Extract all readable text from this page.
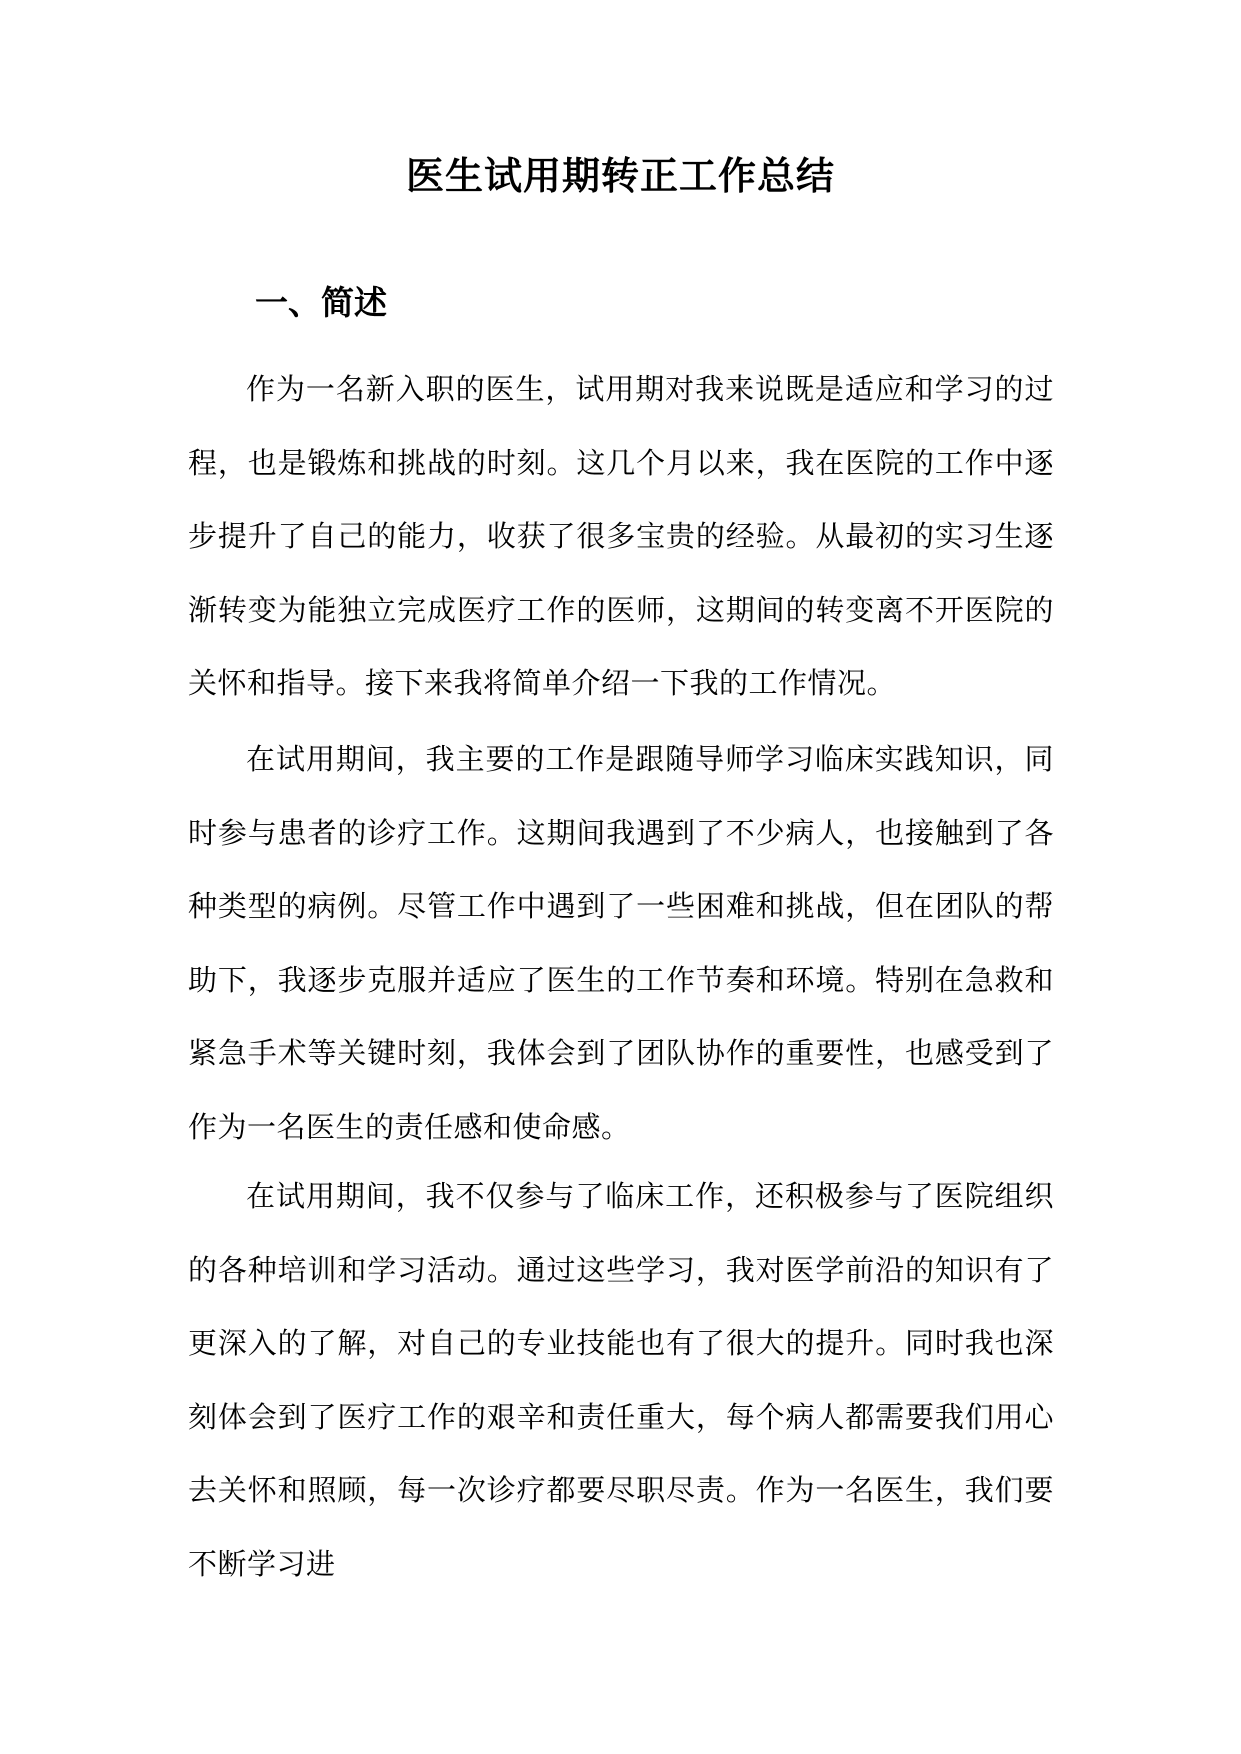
医生试用期转正工作总结
一、简述

作为一名新入职的医生，试用期对我来说既是适应和学习的过程，也是锻炼和挑战的时刻。这几个月以来，我在医院的工作中逐步提升了自己的能力，收获了很多宝贵的经验。从最初的实习生逐渐转变为能独立完成医疗工作的医师，这期间的转变离不开医院的关怀和指导。接下来我将简单介绍一下我的工作情况。

在试用期间，我主要的工作是跟随导师学习临床实践知识，同时参与患者的诊疗工作。这期间我遇到了不少病人，也接触到了各种类型的病例。尽管工作中遇到了一些困难和挑战，但在团队的帮助下，我逐步克服并适应了医生的工作节奏和环境。特别在急救和紧急手术等关键时刻，我体会到了团队协作的重要性，也感受到了作为一名医生的责任感和使命感。

在试用期间，我不仅参与了临床工作，还积极参与了医院组织的各种培训和学习活动。通过这些学习，我对医学前沿的知识有了更深入的了解，对自己的专业技能也有了很大的提升。同时我也深刻体会到了医疗工作的艰辛和责任重大，每个病人都需要我们用心去关怀和照顾，每一次诊疗都要尽职尽责。作为一名医生，我们要不断学习进
